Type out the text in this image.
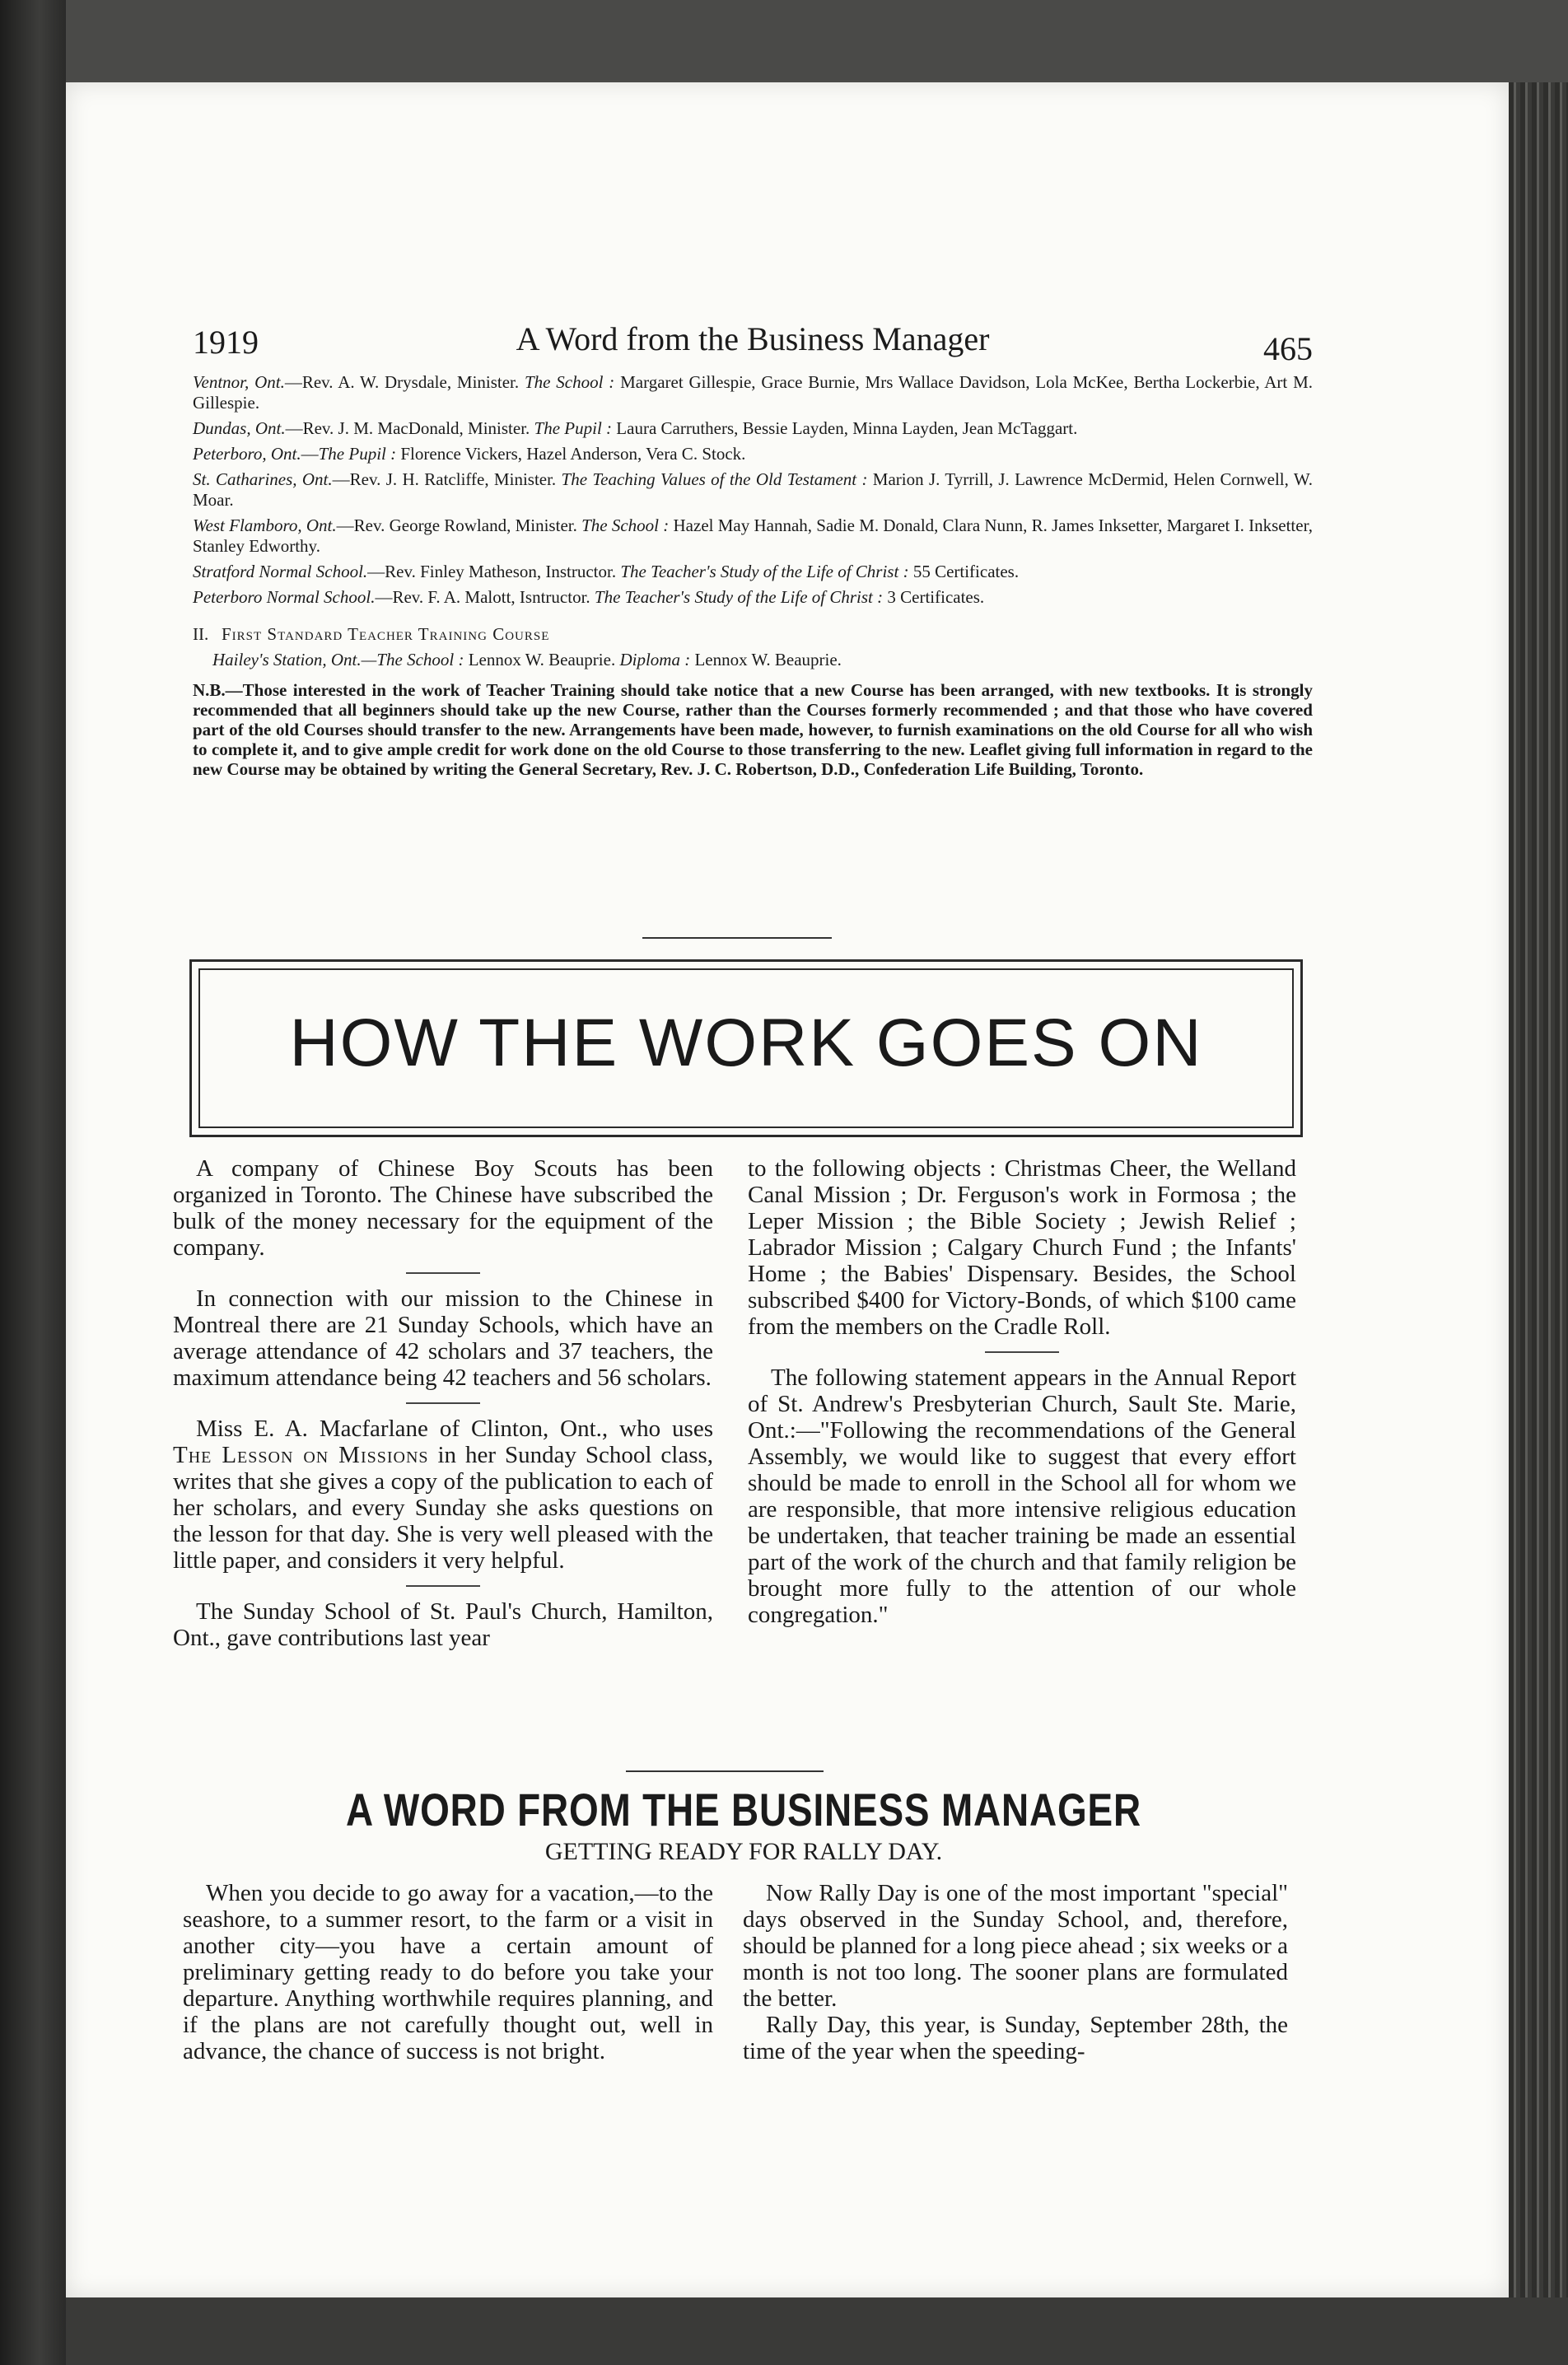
1919	A Word from the Business Manager	465
Ventnor, Ont.—Rev. A. W. Drysdale, Minister. The School : Margaret Gillespie, Grace Burnie, Mrs Wallace Davidson, Lola McKee, Bertha Lockerbie, Art M. Gillespie.
Dundas, Ont.—Rev. J. M. MacDonald, Minister. The Pupil : Laura Carruthers, Bessie Layden, Minna Layden, Jean McTaggart.
Peterboro, Ont.—The Pupil : Florence Vickers, Hazel Anderson, Vera C. Stock.
St. Catharines, Ont.—Rev. J. H. Ratcliffe, Minister. The Teaching Values of the Old Testament : Marion J. Tyrrill, J. Lawrence McDermid, Helen Cornwell, W. Moar.
West Flamboro, Ont.—Rev. George Rowland, Minister. The School : Hazel May Hannah, Sadie M. Donald, Clara Nunn, R. James Inksetter, Margaret I. Inksetter, Stanley Edworthy.
Stratford Normal School.—Rev. Finley Matheson, Instructor. The Teacher's Study of the Life of Christ : 55 Certificates.
Peterboro Normal School.—Rev. F. A. Malott, Isntructor. The Teacher's Study of the Life of Christ : 3 Certificates.
II. First Standard Teacher Training Course
Hailey's Station, Ont.—The School : Lennox W. Beauprie. Diploma : Lennox W. Beauprie.
N.B.—Those interested in the work of Teacher Training should take notice that a new Course has been arranged, with new textbooks. It is strongly recommended that all beginners should take up the new Course, rather than the Courses formerly recommended ; and that those who have covered part of the old Courses should transfer to the new. Arrangements have been made, however, to furnish examinations on the old Course for all who wish to complete it, and to give ample credit for work done on the old Course to those transferring to the new. Leaflet giving full information in regard to the new Course may be obtained by writing the General Secretary, Rev. J. C. Robertson, D.D., Confederation Life Building, Toronto.
HOW THE WORK GOES ON

A company of Chinese Boy Scouts has been organized in Toronto. The Chinese have subscribed the bulk of the money necessary for the equipment of the company.

In connection with our mission to the Chinese in Montreal there are 21 Sunday Schools, which have an average attendance of 42 scholars and 37 teachers, the maximum attendance being 42 teachers and 56 scholars.

Miss E. A. Macfarlane of Clinton, Ont., who uses The Lesson on Missions in her Sunday School class, writes that she gives a copy of the publication to each of her scholars, and every Sunday she asks questions on the lesson for that day. She is very well pleased with the little paper, and considers it very helpful.

The Sunday School of St. Paul's Church, Hamilton, Ont., gave contributions last year

to the following objects : Christmas Cheer, the Welland Canal Mission ; Dr. Ferguson's work in Formosa ; the Leper Mission ; the Bible Society ; Jewish Relief ; Labrador Mission ; Calgary Church Fund ; the Infants' Home ; the Babies' Dispensary. Besides, the School subscribed $400 for Victory-Bonds, of which $100 came from the members on the Cradle Roll.

The following statement appears in the Annual Report of St. Andrew's Presbyterian Church, Sault Ste. Marie, Ont.:—"Following the recommendations of the General Assembly, we would like to suggest that every effort should be made to enroll in the School all for whom we are responsible, that more intensive religious education be undertaken, that teacher training be made an essential part of the work of the church and that family religion be brought more fully to the attention of our whole congregation."

A WORD FROM THE BUSINESS MANAGER
GETTING READY FOR RALLY DAY.

When you decide to go away for a vacation,—to the seashore, to a summer resort, to the farm or a visit in another city—you have a certain amount of preliminary getting ready to do before you take your departure. Anything worthwhile requires planning, and if the plans are not carefully thought out, well in advance, the chance of success is not bright.

Now Rally Day is one of the most important "special" days observed in the Sunday School, and, therefore, should be planned for a long piece ahead ; six weeks or a month is not too long. The sooner plans are formulated the better.

Rally Day, this year, is Sunday, September 28th, the time of the year when the speeding-
